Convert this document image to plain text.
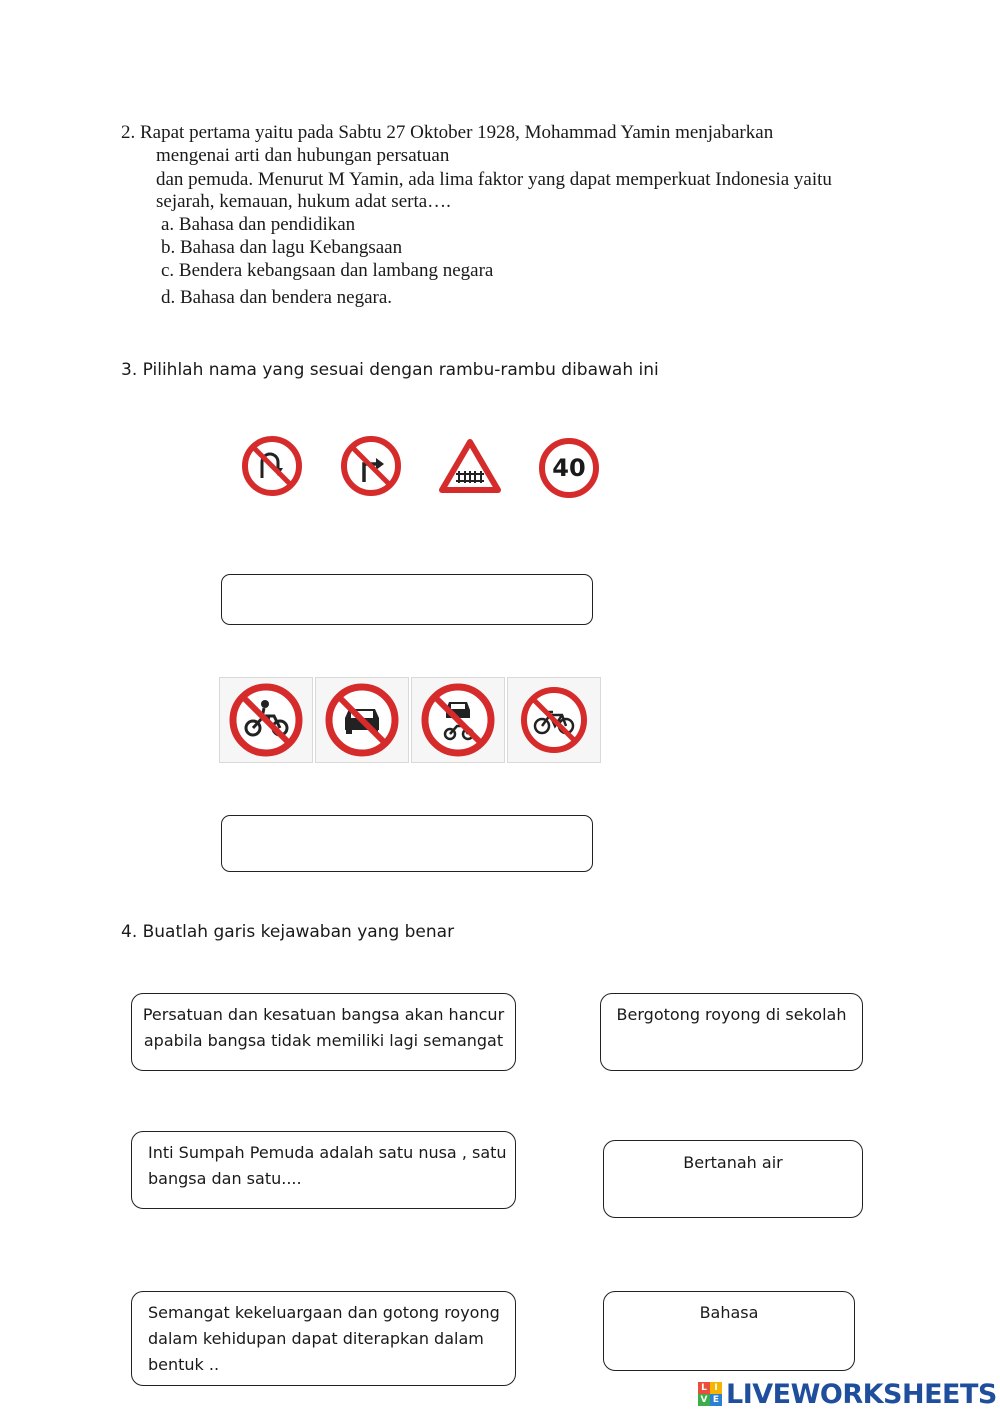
2. Rapat pertama yaitu pada Sabtu 27 Oktober 1928, Mohammad Yamin menjabarkan
mengenai arti dan hubungan persatuan
dan pemuda. Menurut M Yamin, ada lima faktor yang dapat memperkuat Indonesia yaitu
sejarah, kemauan, hukum adat serta….
a. Bahasa dan pendidikan
b. Bahasa dan lagu Kebangsaan
c. Bendera kebangsaan dan lambang negara
d. Bahasa dan bendera negara.
3. Pilihlah nama yang sesuai dengan rambu-rambu dibawah ini
40
4. Buatlah garis kejawaban yang benar
Persatuan dan kesatuan bangsa akan hancur
apabila bangsa tidak memiliki lagi semangat
Inti Sumpah Pemuda adalah satu nusa , satu
bangsa dan satu....
Semangat kekeluargaan dan gotong royong
dalam kehidupan dapat diterapkan dalam
bentuk ..
Bergotong royong di sekolah
Bertanah air
Bahasa
L I
V E LIVEWORKSHEETS
